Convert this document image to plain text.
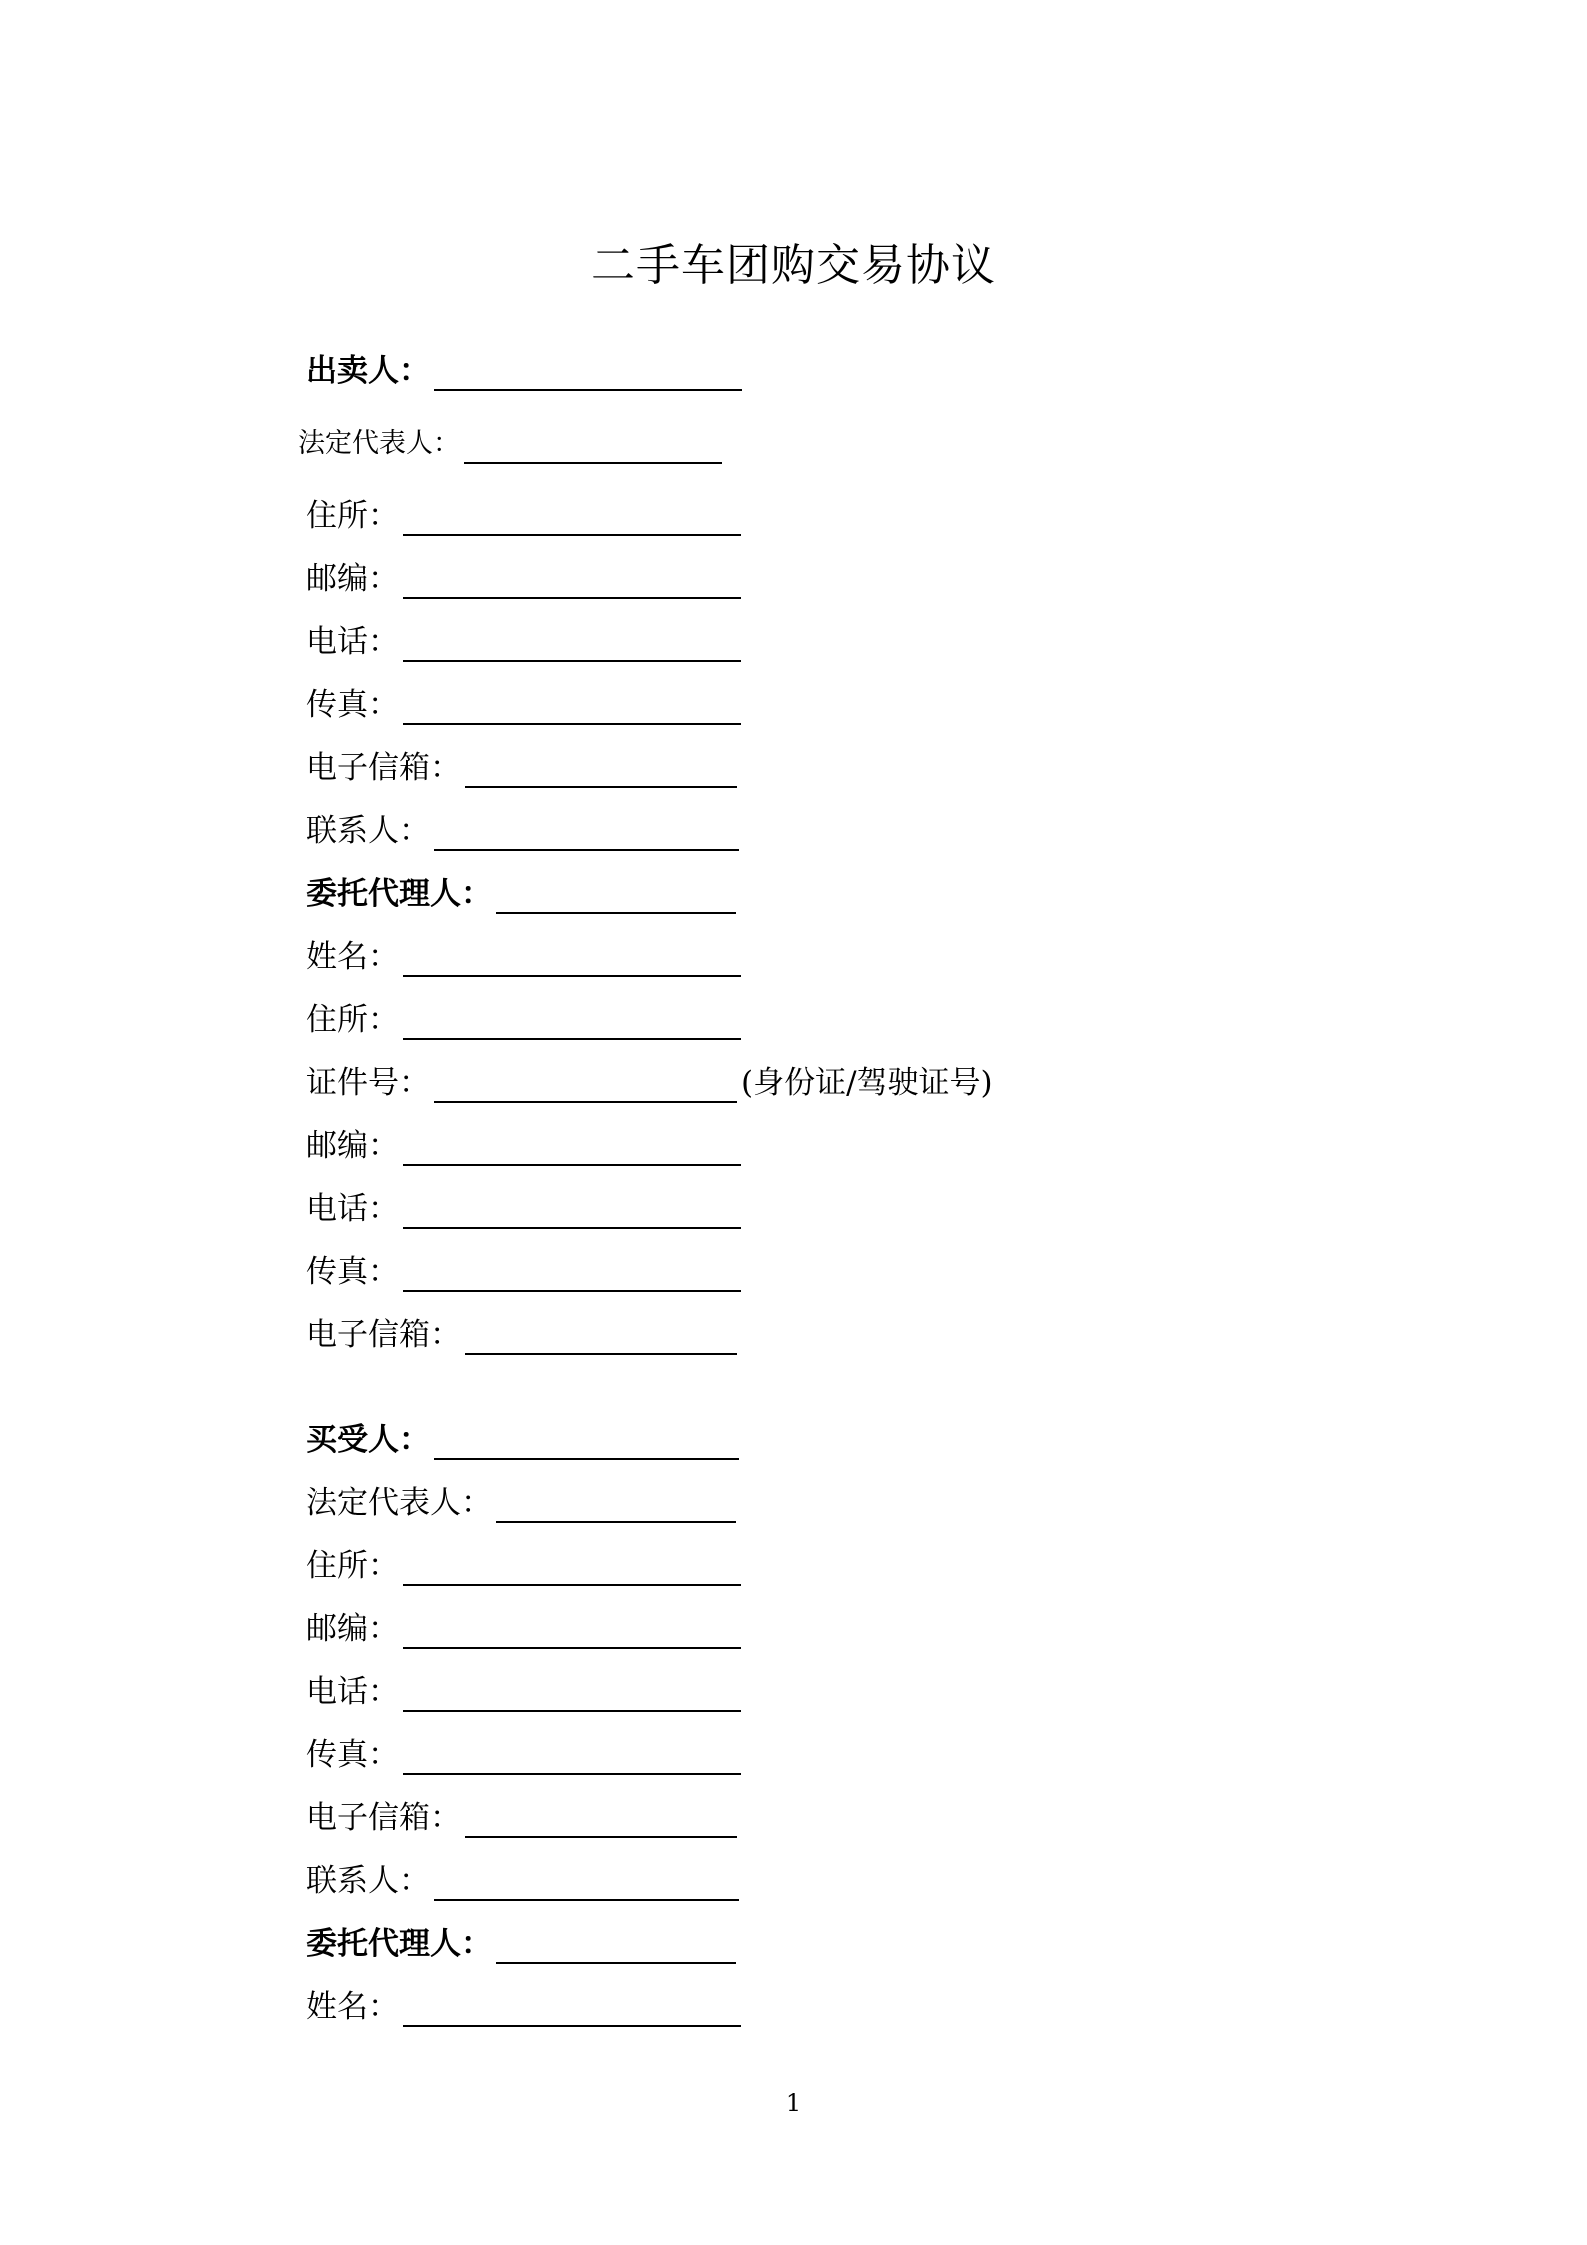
二手车团购交易协议
出卖人：
法定代表人：
住所：
邮编：
电话：
传真：
电子信箱：
联系人：
委托代理人：
姓名：
住所：
证件号：	(身份证/驾驶证号)
邮编：
电话：
传真：
电子信箱：
买受人：
法定代表人：
住所：
邮编：
电话：
传真：
电子信箱：
联系人：
委托代理人：
姓名：
1
